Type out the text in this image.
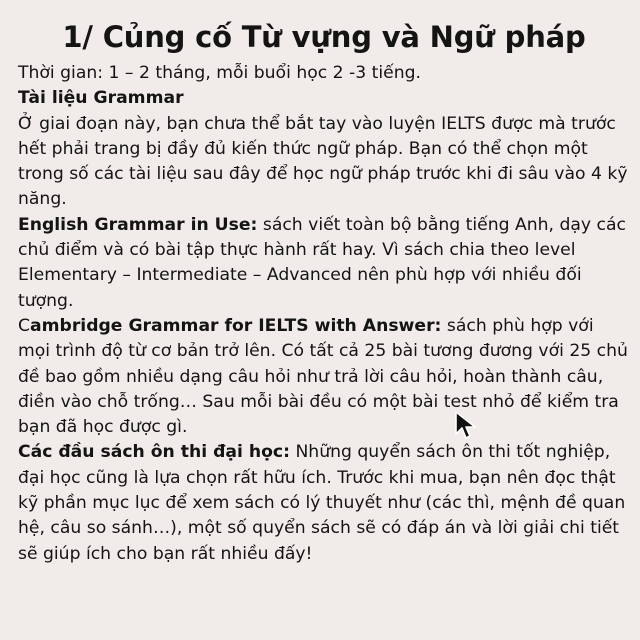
1/ Củng cố Từ vựng và Ngữ pháp

Thời gian: 1 – 2 tháng, mỗi buổi học 2 -3 tiếng.

Tài liệu Grammar

Ở giai đoạn này, bạn chưa thể bắt tay vào luyện IELTS được mà trước hết phải trang bị đầy đủ kiến thức ngữ pháp. Bạn có thể chọn một trong số các tài liệu sau đây để học ngữ pháp trước khi đi sâu vào 4 kỹ năng.

English Grammar in Use: sách viết toàn bộ bằng tiếng Anh, dạy các chủ điểm và có bài tập thực hành rất hay. Vì sách chia theo level Elementary – Intermediate – Advanced nên phù hợp với nhiều đối tượng.

Cambridge Grammar for IELTS with Answer: sách phù hợp với mọi trình độ từ cơ bản trở lên. Có tất cả 25 bài tương đương với 25 chủ đề bao gồm nhiều dạng câu hỏi như trả lời câu hỏi, hoàn thành câu, điền vào chỗ trống… Sau mỗi bài đều có một bài test nhỏ để kiểm tra bạn đã học được gì.

Các đầu sách ôn thi đại học: Những quyển sách ôn thi tốt nghiệp, đại học cũng là lựa chọn rất hữu ích. Trước khi mua, bạn nên đọc thật kỹ phần mục lục để xem sách có lý thuyết như (các thì, mệnh đề quan hệ, câu so sánh…), một số quyển sách sẽ có đáp án và lời giải chi tiết sẽ giúp ích cho bạn rất nhiều đấy!
